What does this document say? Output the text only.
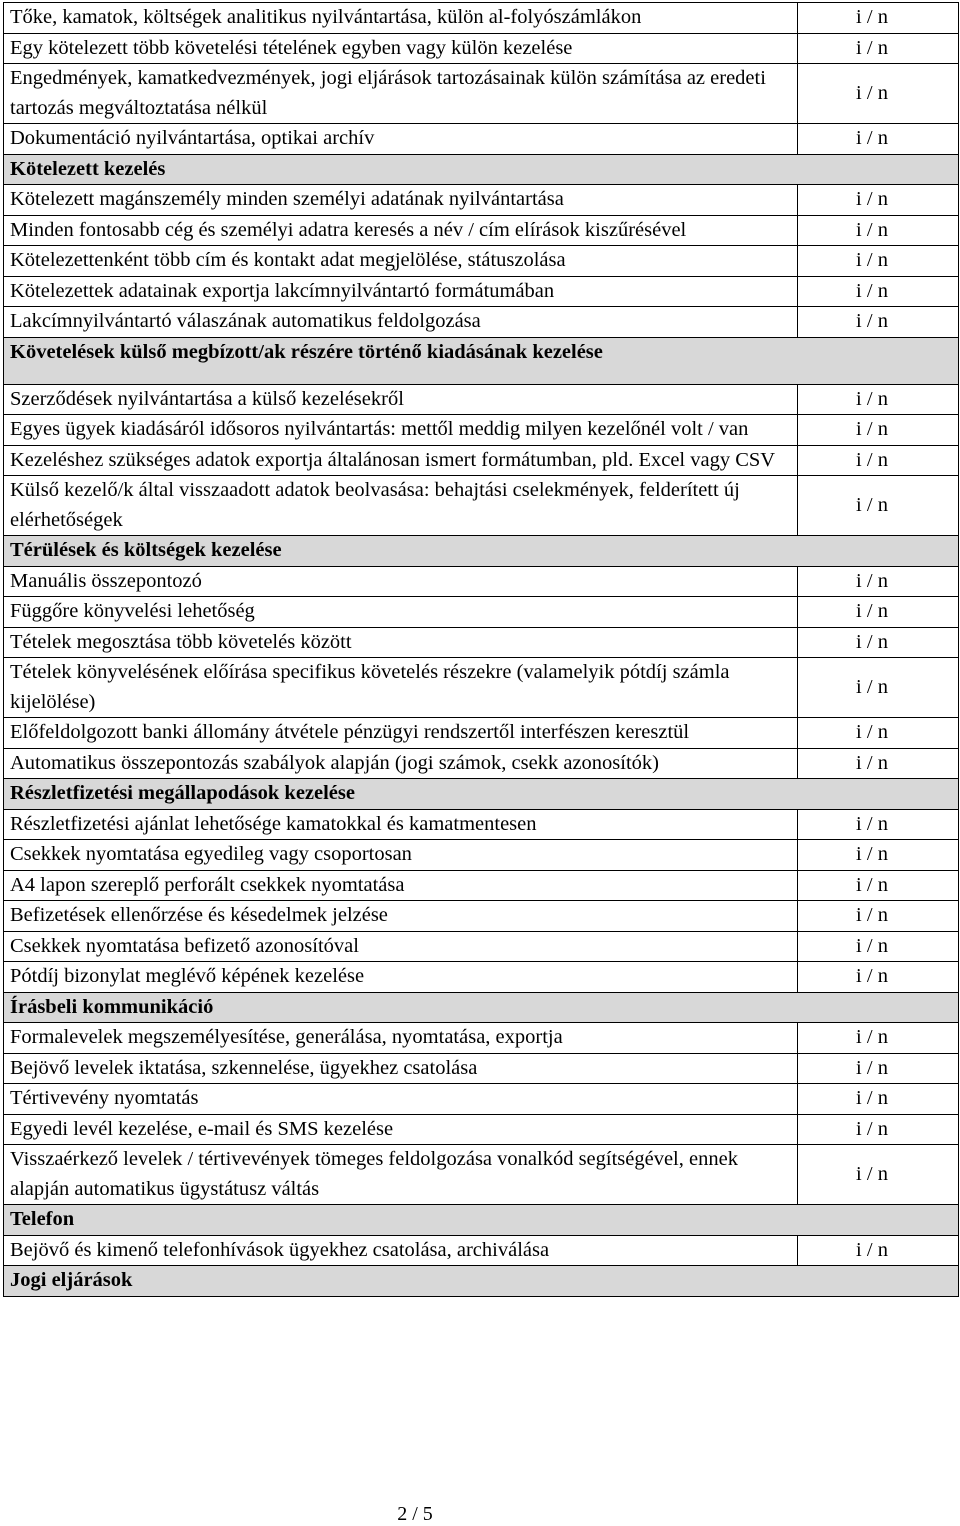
Tőke, kamatok, költségek analitikus nyilvántartása, külön al-folyószámlákon	i / n
Egy kötelezett több követelési tételének egyben vagy külön kezelése	i / n
Engedmények, kamatkedvezmények, jogi eljárások tartozásainak külön számítása az eredeti tartozás megváltoztatása nélkül	i / n
Dokumentáció nyilvántartása, optikai archív	i / n
Kötelezett kezelés	
Kötelezett magánszemély minden személyi adatának nyilvántartása	i / n
Minden fontosabb cég és személyi adatra keresés a név / cím elírások kiszűrésével	i / n
Kötelezettenként több cím és kontakt adat megjelölése, státuszolása	i / n
Kötelezettek adatainak exportja lakcímnyilvántartó formátumában	i / n
Lakcímnyilvántartó válaszának automatikus feldolgozása	i / n
Követelések külső megbízott/ak részére történő kiadásának kezelése	
Szerződések nyilvántartása a külső kezelésekről	i / n
Egyes ügyek kiadásáról idősoros nyilvántartás: mettől meddig milyen kezelőnél volt / van	i / n
Kezeléshez szükséges adatok exportja általánosan ismert formátumban, pld. Excel vagy CSV	i / n
Külső kezelő/k által visszaadott adatok beolvasása: behajtási cselekmények, felderített új elérhetőségek	i / n
Térülések és költségek kezelése	
Manuális összepontozó	i / n
Függőre könyvelési lehetőség	i / n
Tételek megosztása több követelés között	i / n
Tételek könyvelésének előírása specifikus követelés részekre (valamelyik pótdíj számla kijelölése)	i / n
Előfeldolgozott banki állomány átvétele pénzügyi rendszertől interfészen keresztül	i / n
Automatikus összepontozás szabályok alapján (jogi számok, csekk azonosítók)	i / n
Részletfizetési megállapodások kezelése	
Részletfizetési ajánlat lehetősége kamatokkal és kamatmentesen	i / n
Csekkek nyomtatása egyedileg vagy csoportosan	i / n
A4 lapon szereplő perforált csekkek nyomtatása	i / n
Befizetések ellenőrzése és késedelmek jelzése	i / n
Csekkek nyomtatása befizető azonosítóval	i / n
Pótdíj bizonylat meglévő képének kezelése	i / n
Írásbeli kommunikáció	
Formalevelek megszemélyesítése, generálása, nyomtatása, exportja	i / n
Bejövő levelek iktatása, szkennelése, ügyekhez csatolása	i / n
Tértivevény nyomtatás	i / n
Egyedi levél kezelése, e-mail és SMS kezelése	i / n
Visszaérkező levelek / tértivevények tömeges feldolgozása vonalkód segítségével, ennek alapján automatikus ügystátusz váltás	i / n
Telefon	
Bejövő és kimenő telefonhívások ügyekhez csatolása, archiválása	i / n
Jogi eljárások	
2 / 5
